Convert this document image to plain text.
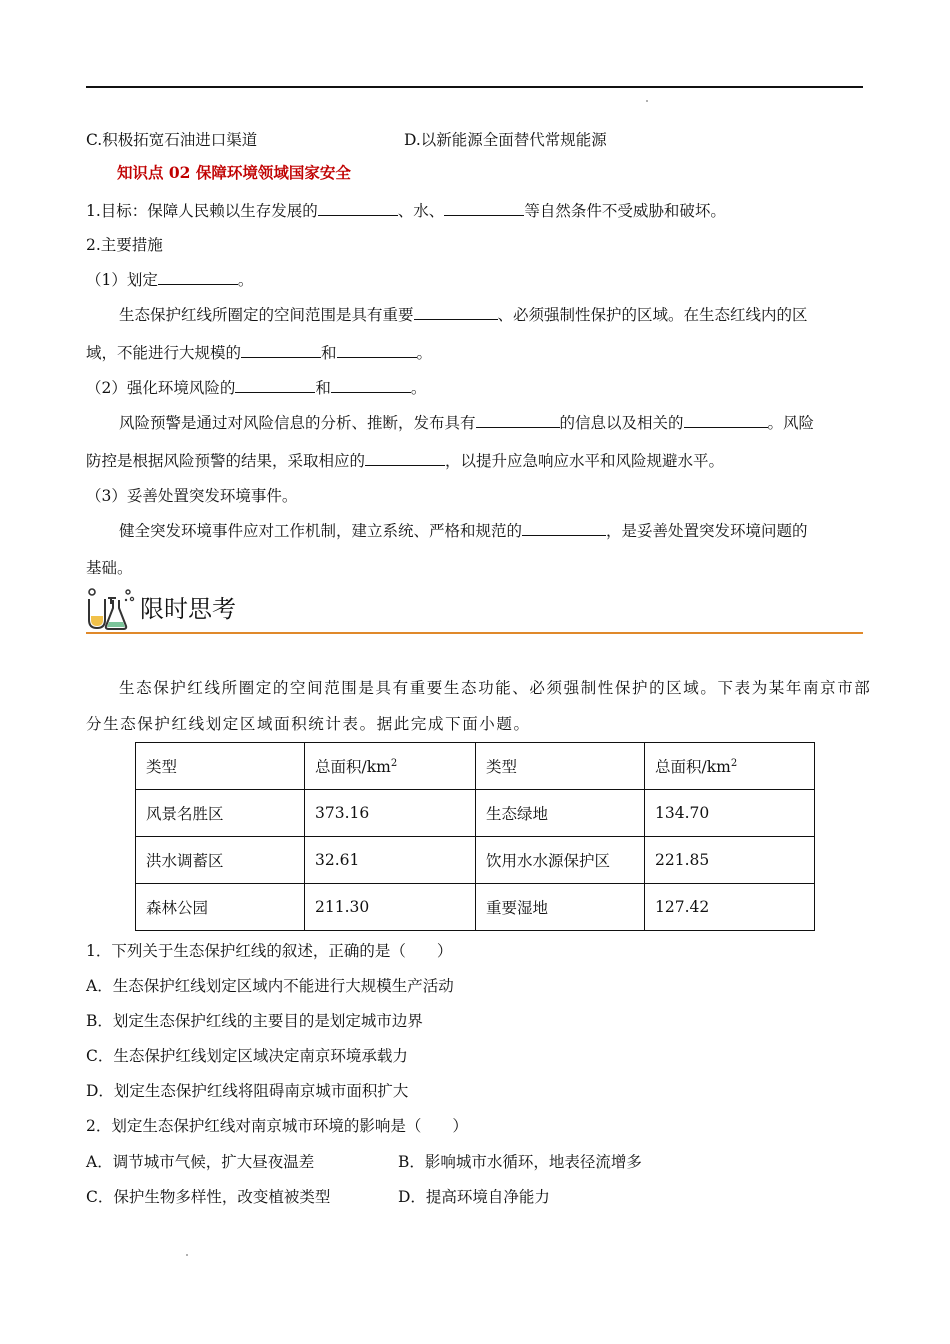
C.积极拓宽石油进口渠道	D.以新能源全面替代常规能源
知识点 02 保障环境领域国家安全
1.目标：保障人民赖以生存发展的	、水、	等自然条件不受威胁和破坏。
2.主要措施
（1）划定	。
生态保护红线所圈定的空间范围是具有重要	、必须强制性保护的区域。在生态红线内的区
域，不能进行大规模的	和	。
（2）强化环境风险的	和	。
风险预警是通过对风险信息的分析、推断，发布具有	的信息以及相关的	。风险
防控是根据风险预警的结果，采取相应的	，以提升应急响应水平和风险规避水平。
（3）妥善处置突发环境事件。
健全突发环境事件应对工作机制，建立系统、严格和规范的	，是妥善处置突发环境问题的
基础。
限时思考
生态保护红线所圈定的空间范围是具有重要生态功能、必须强制性保护的区域。下表为某年南京市部
分生态保护红线划定区域面积统计表。据此完成下面小题。
类型	总面积$/km^2$	类型	总面积$/km^2$
风景名胜区	373.16	生态绿地	134.70
洪水调蓄区	32.61	饮用水水源保护区	221.85
森林公园	211.30	重要湿地	127.42
1．下列关于生态保护红线的叙述，正确的是（　　）
A．生态保护红线划定区域内不能进行大规模生产活动
B．划定生态保护红线的主要目的是划定城市边界
C．生态保护红线划定区域决定南京环境承载力
D．划定生态保护红线将阻碍南京城市面积扩大
2．划定生态保护红线对南京城市环境的影响是（　　）
A．调节城市气候，扩大昼夜温差	B．影响城市水循环，地表径流增多
C．保护生物多样性，改变植被类型	D．提高环境自净能力
